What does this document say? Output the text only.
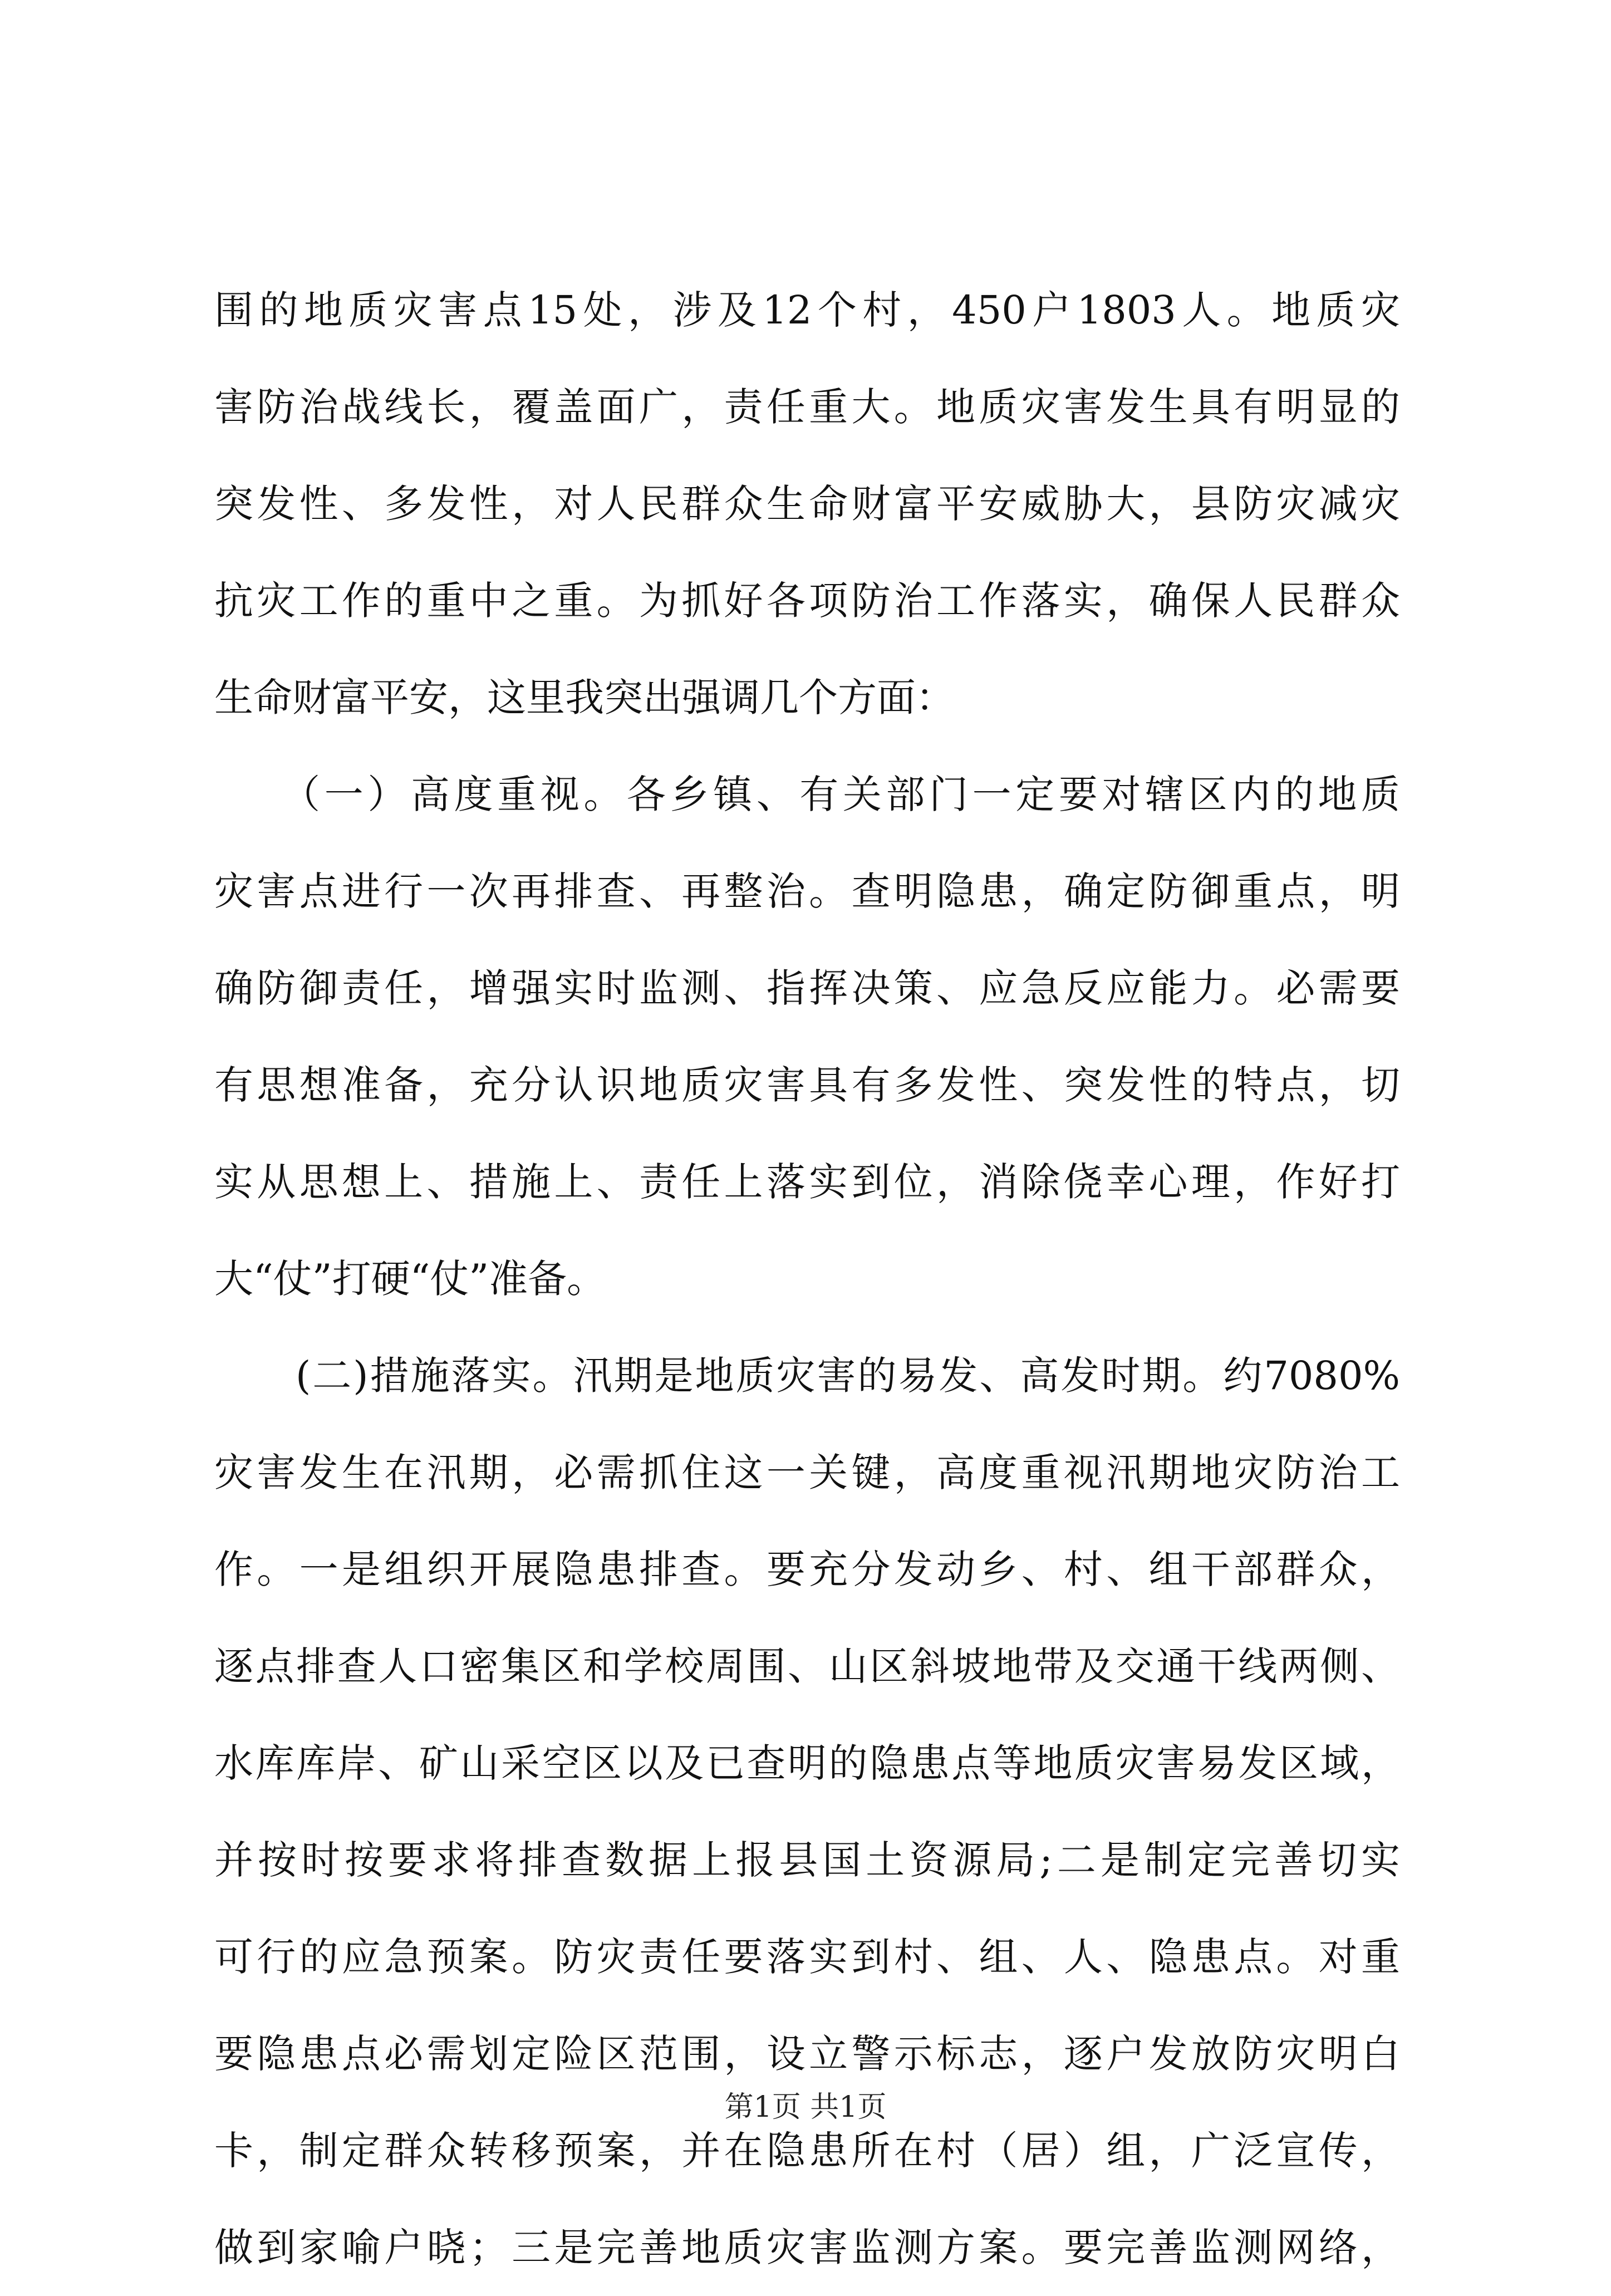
围的地质灾害点15处，涉及12个村，450户1803人。地质灾
害防治战线长，覆盖面广，责任重大。地质灾害发生具有明显的
突发性、多发性，对人民群众生命财富平安威胁大，县防灾减灾
抗灾工作的重中之重。为抓好各项防治工作落实，确保人民群众
生命财富平安，这里我突出强调几个方面：
　　（一）高度重视。各乡镇、有关部门一定要对辖区内的地质
灾害点进行一次再排查、再整治。查明隐患，确定防御重点，明
确防御责任，增强实时监测、指挥决策、应急反应能力。必需要
有思想准备，充分认识地质灾害具有多发性、突发性的特点，切
实从思想上、措施上、责任上落实到位，消除侥幸心理，作好打
大“仗”打硬“仗”准备。
　　(二)措施落实。汛期是地质灾害的易发、高发时期。约7080%
灾害发生在汛期，必需抓住这一关键，高度重视汛期地灾防治工
作。一是组织开展隐患排查。要充分发动乡、村、组干部群众，
逐点排查人口密集区和学校周围、山区斜坡地带及交通干线两侧、
水库库岸、矿山采空区以及已查明的隐患点等地质灾害易发区域，
并按时按要求将排查数据上报县国土资源局;二是制定完善切实
可行的应急预案。防灾责任要落实到村、组、人、隐患点。对重
要隐患点必需划定险区范围，设立警示标志，逐户发放防灾明白
卡，制定群众转移预案，并在隐患所在村（居）组，广泛宣传，
做到家喻户晓；三是完善地质灾害监测方案。要完善监测网络，
第1页 共1页
